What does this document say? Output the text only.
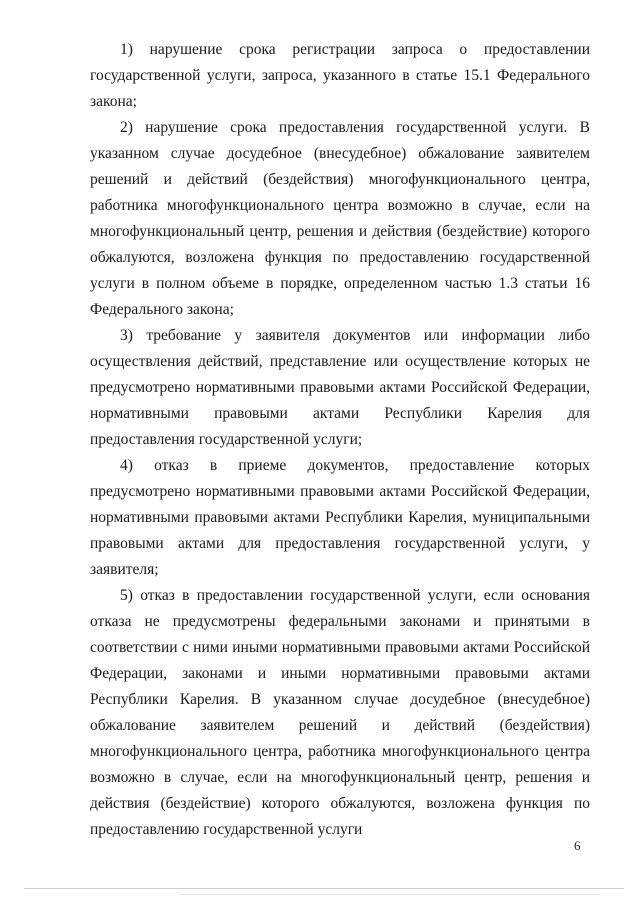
1) нарушение срока регистрации запроса о предоставлении государственной услуги, запроса, указанного в статье 15.1 Федерального закона;

2) нарушение срока предоставления государственной услуги. В указанном случае досудебное (внесудебное) обжалование заявителем решений и действий (бездействия) многофункционального центра, работника многофункционального центра возможно в случае, если на многофункциональный центр, решения и действия (бездействие) которого обжалуются, возложена функция по предоставлению государственной услуги в полном объеме в порядке, определенном частью 1.3 статьи 16 Федерального закона;

3) требование у заявителя документов или информации либо осуществления действий, представление или осуществление которых не предусмотрено нормативными правовыми актами Российской Федерации, нормативными правовыми актами Республики Карелия для предоставления государственной услуги;

4) отказ в приеме документов, предоставление которых предусмотрено нормативными правовыми актами Российской Федерации, нормативными правовыми актами Республики Карелия, муниципальными правовыми актами для предоставления государственной услуги, у заявителя;

5) отказ в предоставлении государственной услуги, если основания отказа не предусмотрены федеральными законами и принятыми в соответствии с ними иными нормативными правовыми актами Российской Федерации, законами и иными нормативными правовыми актами Республики Карелия. В указанном случае досудебное (внесудебное) обжалование заявителем решений и действий (бездействия) многофункционального центра, работника многофункционального центра возможно в случае, если на многофункциональный центр, решения и действия (бездействие) которого обжалуются, возложена функция по предоставлению государственной услуги

6
